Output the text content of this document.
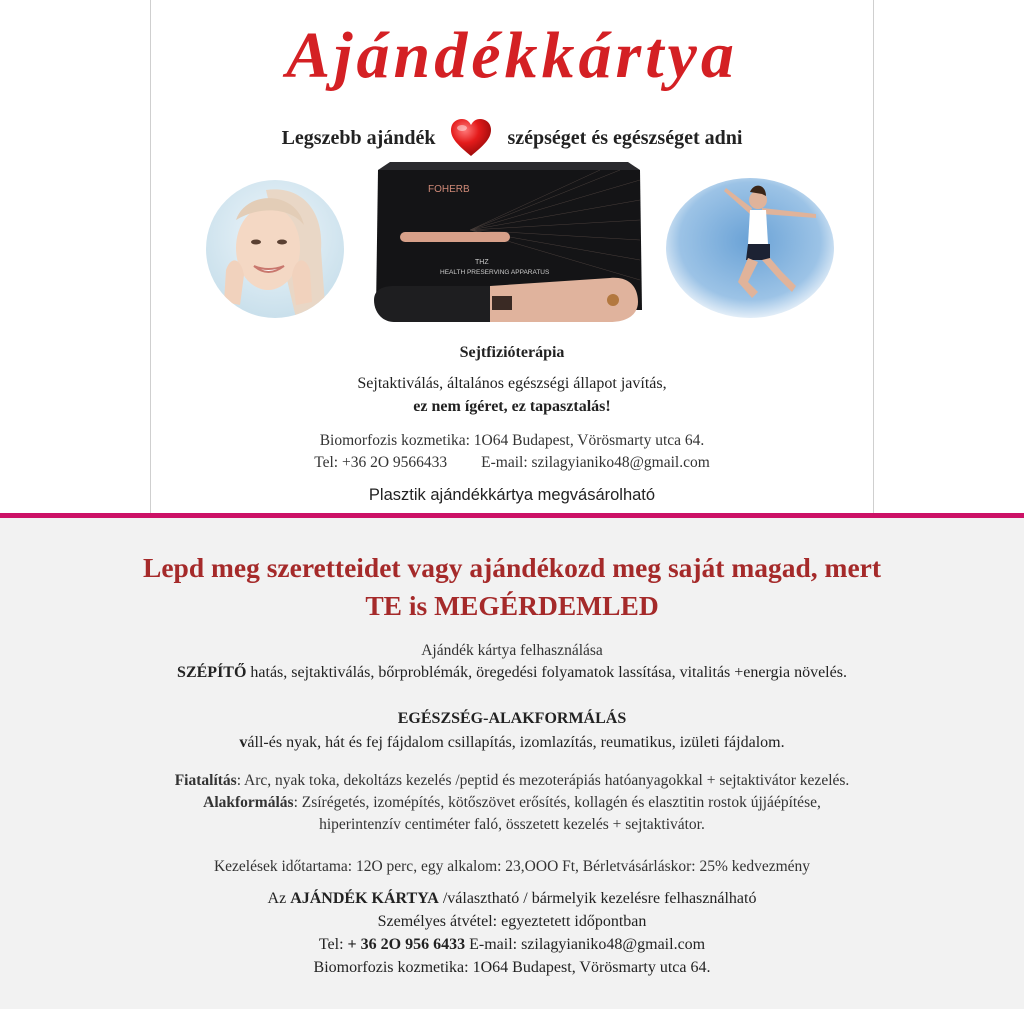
Ajándékkártya
Legszebb ajándék	szépséget és egészséget adni
FOHERB
THZ
HEALTH PRESERVING APPARATUS
Sejtfizióterápia
Sejtaktiválás, általános egészségi állapot javítás,
ez nem ígéret, ez tapasztalás!
Biomorfozis kozmetika: 1O64 Budapest, Vörösmarty utca 64.
Tel: +36 2O 9566433 E-mail: szilagyianiko48@gmail.com
Plasztik ajándékkártya megvásárolható
Lepd meg szeretteidet vagy ajándékozd meg saját magad, mert
TE is MEGÉRDEMLED
Ajándék kártya felhasználása
SZÉPÍTŐ hatás, sejtaktiválás, bőrproblémák, öregedési folyamatok lassítása, vitalitás +energia növelés.
EGÉSZSÉG-ALAKFORMÁLÁS
váll-és nyak, hát és fej fájdalom csillapítás, izomlazítás, reumatikus, izületi fájdalom.
Fiatalítás: Arc, nyak toka, dekoltázs kezelés /peptid és mezoterápiás hatóanyagokkal + sejtaktivátor kezelés.
Alakformálás: Zsírégetés, izomépítés, kötőszövet erősítés, kollagén és elasztitin rostok újjáépítése,
hiperintenzív centiméter faló, összetett kezelés + sejtaktivátor.
Kezelések időtartama: 12O perc, egy alkalom: 23,OOO Ft, Bérletvásárláskor: 25% kedvezmény
Az AJÁNDÉK KÁRTYA /választható / bármelyik kezelésre felhasználható
Személyes átvétel: egyeztetett időpontban
Tel: + 36 2O 956 6433 E-mail: szilagyianiko48@gmail.com
Biomorfozis kozmetika: 1O64 Budapest, Vörösmarty utca 64.
